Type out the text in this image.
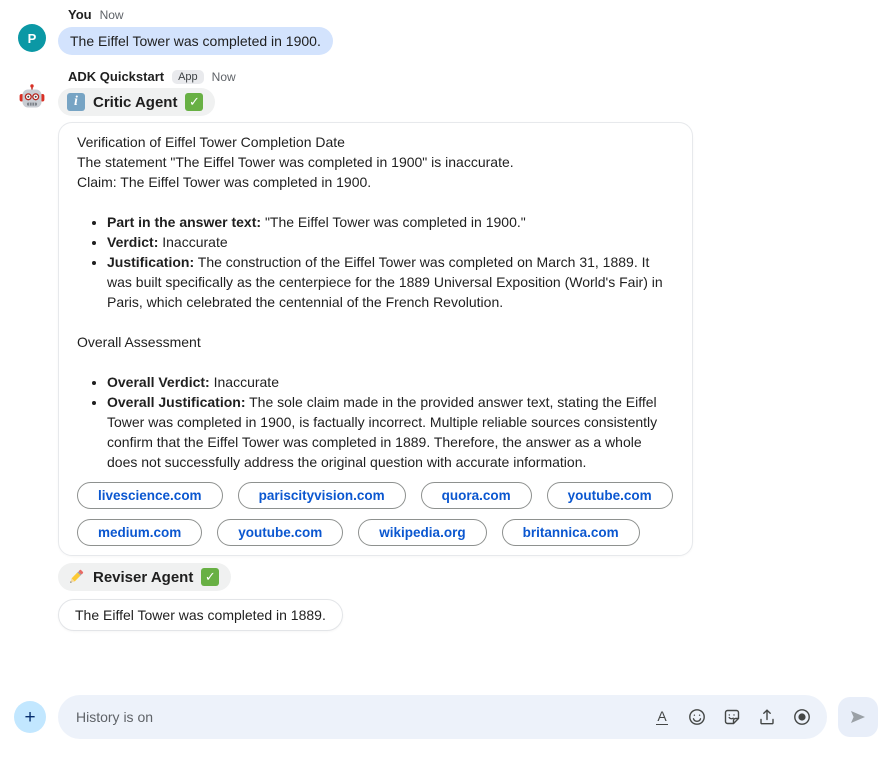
P
You Now
The Eiffel Tower was completed in 1900.
ADK Quickstart	App	Now
i	Critic Agent ✓

Verification of Eiffel Tower Completion Date

The statement "The Eiffel Tower was completed in 1900" is inaccurate.

Claim: The Eiffel Tower was completed in 1900.

• Part in the answer text: "The Eiffel Tower was completed in 1900."
• Verdict: Inaccurate
• Justification: The construction of the Eiffel Tower was completed on March 31, 1889. It was built specifically as the centerpiece for the 1889 Universal Exposition (World's Fair) in Paris, which celebrated the centennial of the French Revolution.

Overall Assessment

• Overall Verdict: Inaccurate
• Overall Justification: The sole claim made in the provided answer text, stating the Eiffel Tower was completed in 1900, is factually incorrect. Multiple reliable sources consistently confirm that the Eiffel Tower was completed in 1889. Therefore, the answer as a whole does not successfully address the original question with accurate information.
livescience.com	pariscityvision.com	quora.com	youtube.com
medium.com	youtube.com	wikipedia.org	britannica.com
Reviser Agent ✓
The Eiffel Tower was completed in 1889.
+
History is on	A
